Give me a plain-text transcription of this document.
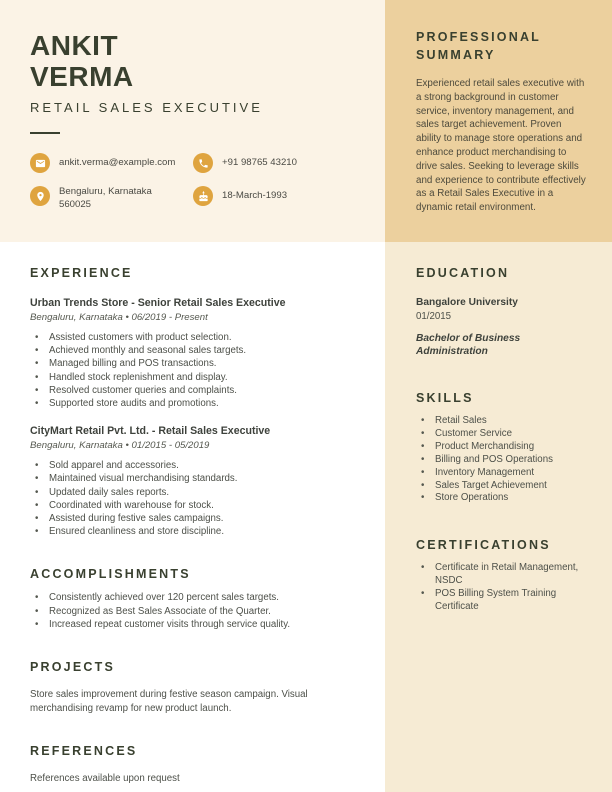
ANKIT
VERMA
RETAIL SALES EXECUTIVE
ankit.verma@example.com	+91 98765 43210
Bengaluru, Karnataka 560025
18-March-1993
PROFESSIONAL SUMMARY

Experienced retail sales executive with a strong background in customer service, inventory management, and sales target achievement. Proven ability to manage store operations and enhance product merchandising to drive sales. Seeking to leverage skills and experience to contribute effectively as a Retail Sales Executive in a dynamic retail environment.

EXPERIENCE
Urban Trends Store - Senior Retail Sales Executive
Bengaluru, Karnataka • 06/2019 - Present
• Assisted customers with product selection.
• Achieved monthly and seasonal sales targets.
• Managed billing and POS transactions.
• Handled stock replenishment and display.
• Resolved customer queries and complaints.
• Supported store audits and promotions.
CityMart Retail Pvt. Ltd. - Retail Sales Executive
Bengaluru, Karnataka • 01/2015 - 05/2019
• Sold apparel and accessories.
• Maintained visual merchandising standards.
• Updated daily sales reports.
• Coordinated with warehouse for stock.
• Assisted during festive sales campaigns.
• Ensured cleanliness and store discipline.
ACCOMPLISHMENTS
• Consistently achieved over 120 percent sales targets.
• Recognized as Best Sales Associate of the Quarter.
• Increased repeat customer visits through service quality.
PROJECTS

Store sales improvement during festive season campaign. Visual merchandising revamp for new product launch.

REFERENCES

References available upon request

EDUCATION
Bangalore University
01/2015
Bachelor of Business Administration
SKILLS
• Retail Sales
• Customer Service
• Product Merchandising
• Billing and POS Operations
• Inventory Management
• Sales Target Achievement
• Store Operations
CERTIFICATIONS
• Certificate in Retail Management, NSDC
• POS Billing System Training Certificate
